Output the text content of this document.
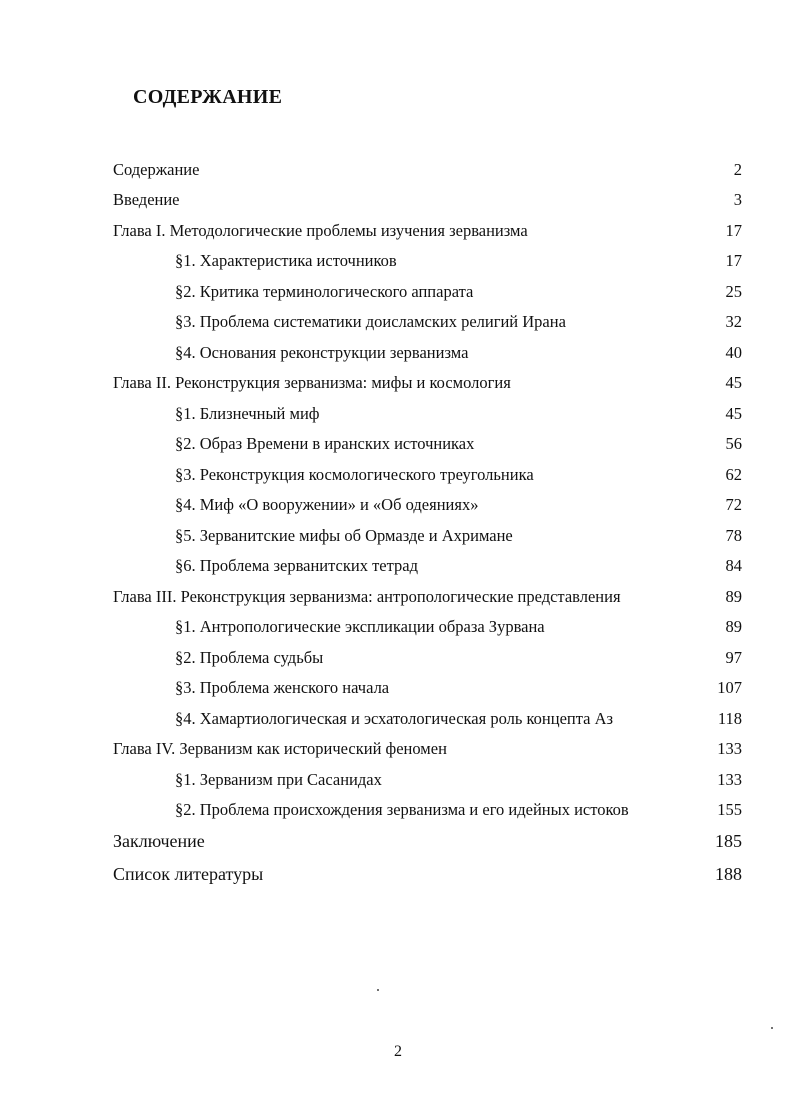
СОДЕРЖАНИЕ
Содержание	2
Введение	3
Глава I. Методологические проблемы изучения зерванизма	17
§1. Характеристика источников	17
§2. Критика терминологического аппарата	25
§3. Проблема систематики доисламских религий Ирана	32
§4. Основания реконструкции зерванизма	40
Глава II. Реконструкция зерванизма: мифы и космология	45
§1. Близнечный миф	45
§2. Образ Времени в иранских источниках	56
§3. Реконструкция космологического треугольника	62
§4. Миф «О вооружении» и «Об одеяниях»	72
§5. Зерванитские мифы об Ормазде и Ахримане	78
§6. Проблема зерванитских тетрад	84
Глава III. Реконструкция зерванизма: антропологические представления	89
§1. Антропологические экспликации образа Зурвана	89
§2. Проблема судьбы	97
§3. Проблема женского начала	107
§4. Хамартиологическая и эсхатологическая роль концепта Аз	118
Глава IV. Зерванизм как исторический феномен	133
§1. Зерванизм при Сасанидах	133
§2. Проблема происхождения зерванизма и его идейных истоков	155
Заключение	185
Список литературы	188
2
